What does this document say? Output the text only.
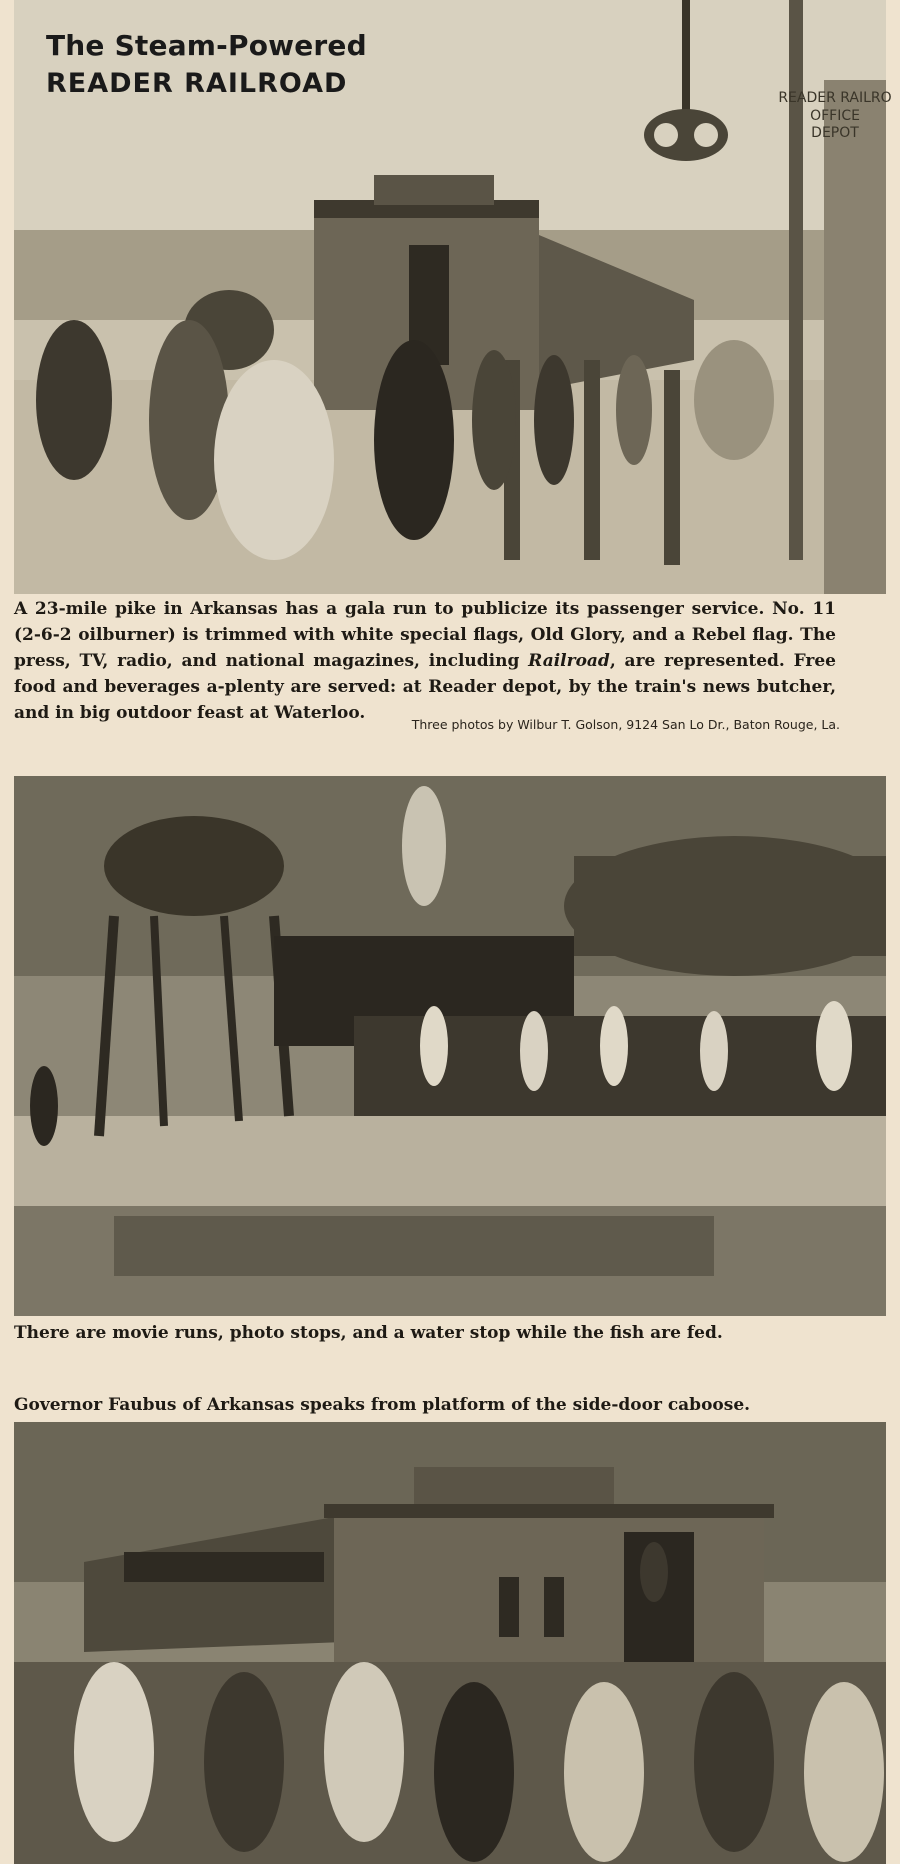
The Steam-Powered
READER RAILROAD	READER RAILRO
OFFICE
DEPOT
A 23-mile pike in Arkansas has a gala run to publicize its passenger service. No. 11 (2-6-2 oilburner) is trimmed with white special flags, Old Glory, and a Rebel flag. The press, TV, radio, and national magazines, including Railroad, are represented. Free food and beverages a-plenty are served: at Reader depot, by the train's news butcher, and in big outdoor feast at Waterloo.
Three photos by Wilbur T. Golson, 9124 San Lo Dr., Baton Rouge, La.
There are movie runs, photo stops, and a water stop while the fish are fed.
Governor Faubus of Arkansas speaks from platform of the side-door caboose.
